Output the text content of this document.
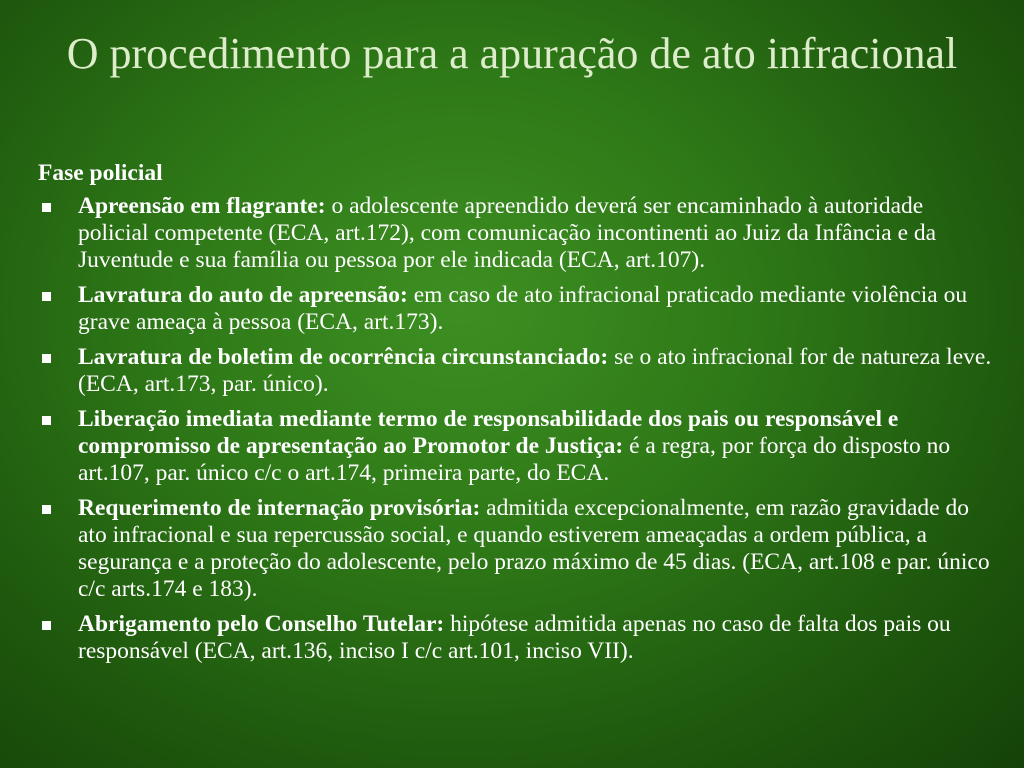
O procedimento para a apuração de ato infracional
Fase policial
Apreensão em flagrante: o adolescente apreendido deverá ser encaminhado à autoridade policial competente (ECA, art.172), com comunicação incontinenti ao Juiz da Infância e da Juventude e sua família ou pessoa por ele indicada (ECA, art.107).
Lavratura do auto de apreensão: em caso de ato infracional praticado mediante violência ou grave ameaça à pessoa (ECA, art.173).
Lavratura de boletim de ocorrência circunstanciado: se o ato infracional for de natureza leve. (ECA, art.173, par. único).
Liberação imediata mediante termo de responsabilidade dos pais ou responsável e compromisso de apresentação ao Promotor de Justiça: é a regra, por força do disposto no art.107, par. único c/c o art.174, primeira parte, do ECA.
Requerimento de internação provisória: admitida excepcionalmente, em razão gravidade do ato infracional e sua repercussão social, e quando estiverem ameaçadas a ordem pública, a segurança e a proteção do adolescente, pelo prazo máximo de 45 dias. (ECA, art.108 e par. único c/c arts.174 e 183).
Abrigamento pelo Conselho Tutelar: hipótese admitida apenas no caso de falta dos pais ou responsável (ECA, art.136, inciso I c/c art.101, inciso VII).
